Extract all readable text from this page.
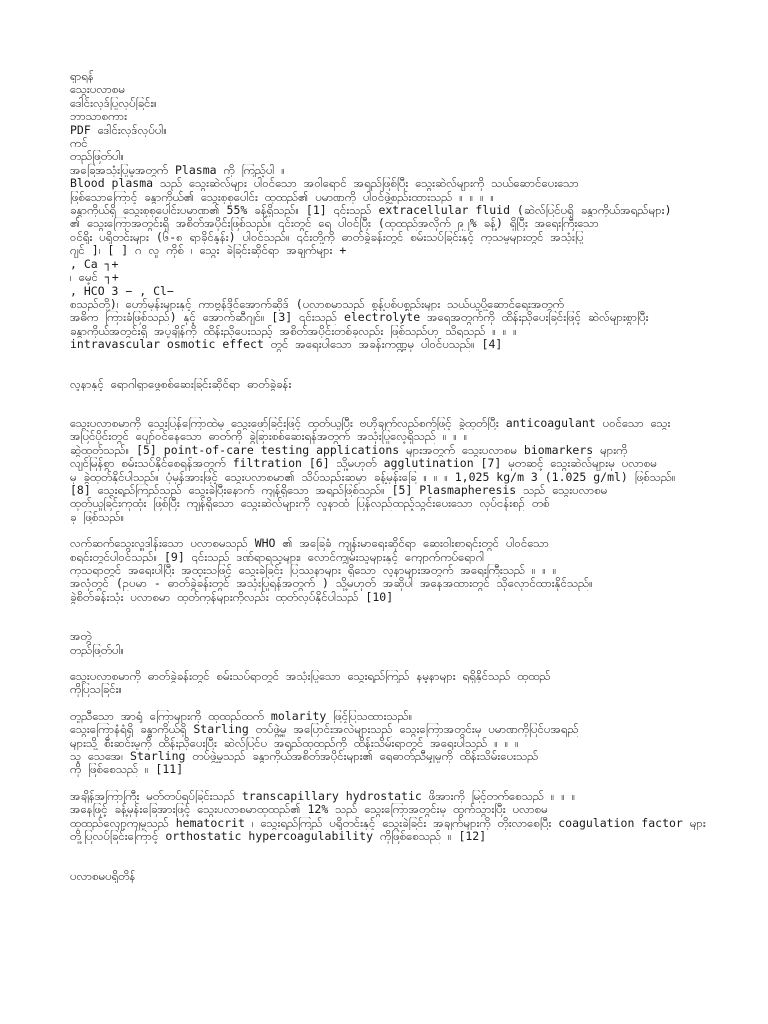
ရှာရန်
သွေးပလာစမ
ဒေါင်းလုဒ်ပြုလုပ်ခြင်း။
ဘာသာစကား
PDF ဒေါင်းလုဒ်လုပ်ပါ။
ကင်
တည်ဖြတ်ပါ။
အခြေအသုံးပြုမှုအတွက် Plasma ကို ကြည့်ပါ ။
Blood plasma သည် သွေးဆဲလ်များ ပါဝင်သော အဝါရောင် အရည်ဖြစ်ပြီး သွေးဆဲလ်များကို သယ်ဆောင်ပေးသော
ဖြစ်သောကြောင့် ခန္ဓာကိုယ်၏ သွေးစုစုပေါင်း ထုထည်၏ ပမာဏကို ပါဝင်ဖွဲ့စည်းထားသည် ။ ။ ။ ။
ခန္ဓာကိုယ်ရှိ သွေးစုစုပေါင်းပမာဏ၏ 55% ခန့်ရှိသည်။ [1] ၎င်းသည် extracellular fluid (ဆဲလ်ပြင်ပရှိ ခန္ဓာကိုယ်အရည်များ)
၏ သွေးကြောအတွင်းရှိ အစိတ်အပိုင်းဖြစ်သည်။ ၎င်းတွင် ရေ ပါဝင်ပြီး (ထုထည်အလိုက် ၉၂% ခန့်) ရှိပြီး အရေးကြီးသော
ဝင်ရိုး ပရိုတင်းများ (၆-၈ ရာခိုင်နှုန်း) ပါဝင်သည်။ ၎င်းတို့ကို ဓာတ်ခွဲခန်းတွင် စမ်းသပ်ခြင်းနှင့် ကုသမှုများတွင် အသုံးပြု
ဂျင် ]၊ [ ] ဂ လူ ကိုစ် ၊ သွေး ခဲခြင်းဆိုင်ရာ အချက်များ +
, Ca ┐+
၊ မေ့င် ┐+
, HCO 3 − , Cl−
စသည်တို့)၊ ဟော်မုန်းများနှင့် ကာဗွန်ဒိုင်အောက်ဆိုဒ် (ပလာစမာသည် စွန့်ပစ်ပစ္စည်းများ သယ်ယူပို့ဆောင်ရေးအတွက်
အဓိက ကြားခံဖြစ်သည်) နှင့် အောက်ဆီဂျင်။ [3] ၎င်းသည် electrolyte အရေအတွက်ကို ထိန်းညှိပေးခြင်းဖြင့် ဆဲလ်များစွာပြီး
ခန္ဓာကိုယ်အတွင်းရှိ အပူချိန်ကို ထိန်းညှိပေးသည့် အစိတ်အပိုင်းတစ်ခုလည်း ဖြစ်သည်ဟု သိရသည် ။ ။ ။
intravascular osmotic effect တွင် အရေးပါသော အခန်းကဏ္ဍမှ ပါဝင်ပသည်။ [4]
လူနာနှင့် ရောဂါရှာဖွေစစ်ဆေးခြင်းဆိုင်ရာ ဓာတ်ခွဲခန်း
သွေးပလာစမာကို သွေးပြန်ကြောထဲမှ သွေးဖော်ခြင်းဖြင့် ထုတ်ယူပြီး ဗဟိုချက်လည်စက်ဖြင့် ခွဲထုတ်ပြီး anticoagulant ပဝင်သော သွေး
အပြင်ပိုင်းတွင် ပျော်ဝင်နေသော ဓာတ်ကို ခွဲခြားစစ်ဆေးရန်အတွက် အသုံးပြုလေ့ရှိသည် ။ ။ ။
ဆွဲထုတ်သည်။ [5] point-of-care testing applications များအတွက် သွေးပလာစမ biomarkers များကို
လျင်မြန်စွာ စမ်းသပ်နိုင်စေရန်အတွက် filtration [6] သို့မဟုတ် agglutination [7] မှတဆင့် သွေးဆဲလ်များမှ ပလာစမ
မှ ခွဲထုတ်နိုင်ပါသည်။ ပုံမှန်အားဖြင့် သွေးပလာစမာ၏ သိပ်သည်းဆမှာ ခန့်မှန်းခြေ ။ ။ ။ 1,025 kg/m 3 (1.025 g/ml) ဖြစ်သည်။
[8] သွေးရည်ကြည်သည် သွေးခဲပြီးနောက် ကျန်ရှိသော အရည်ဖြစ်သည်။ [5] Plasmapheresis သည် သွေးပလာစမ
ထုတ်ယူခြင်းကုထုံး ဖြစ်ပြီး ကျန်ရှိသော သွေးဆဲလ်များကို လူနာထံ ပြန်လည်ထည့်သွင်းပေးသော လုပ်ငန်းစဉ် တစ်
ခု ဖြစ်သည်။
လက်ဆက်သွေးလှူဒါန်းသော ပလာစမသည် WHO ၏ အခြေခံ ကျန်းမာရေးဆိုင်ရာ ဆေးဝါးစာရင်းတွင် ပါဝင်သော
စရင်းတွင်ပါဝင်သည်။ [9] ၎င်းသည် ဒဏ်ရာရသူများ၊ လောင်ကျွမ်းသူများနှင့် ကျောက်ကပ်ရောဂါ
ကုသရာတွင် အရေးပါပြီး အထူးသဖြင့် သွေးခဲခြင်း ပြဿနာများ ရှိသော လူနာများအတွက် အရေးကြီးသည် ။ ။ ။
အလုံတွင် (ဥပမာ - ဓာတ်ခွဲခန်းတွင် အသုံးပြုရန်အတွက် ) သို့မဟုတ် အဆိုပါ အနေအထားတွင် သိုလှောင်ထားနိုင်သည်။
ခွဲစိတ်ခန်းသုံး ပလာစမာ ထုတ်ကုန်များကိုလည်း ထုတ်လုပ်နိုင်ပါသည် [10]
အတွဲ
တည်ဖြတ်ပါ။
သွေးပလာစမာကို ဓာတ်ခွဲခန်းတွင် စမ်းသပ်ရာတွင် အသုံးပြုသော သွေးရည်ကြည် နမူနာများ ရရှိနိုင်သည် ထုထည်
ကိုပြသခြင်း။
တူညီသော အာရုံ ကြောများကို ထုထည်ထက် molarity ဖြင့်ပြသထားသည်။
သွေးကြောနံရံရှိ ခန္ဓာကိုယ်ရှိ Starling တပ်ဖွဲ့မှု အပြောင်းအလဲများသည် သွေးကြောအတွင်းမှ ပမာဏကိုပြင်ပအရည်
များသို့ စီးဆင်းမှုကို ထိန်းညှိပေးပြီး ဆဲလ်ပြင်ပ အရည်ထုထည်ကို ထိန်းသိမ်းရာတွင် အရေးပါသည် ။ ။ ။
သူ သေအေ၊ Starling တပ်ဖွဲ့မှုသည် ခန္ဓာကိုယ်အစိတ်အပိုင်းများ၏ ရေဓာတ်ညီမျှမှုကို ထိန်းသိမ်းပေးသည်
ကို ဖြစ်စေသည် ။ [11]
အချိန်အကြာကြီး မတ်တပ်ရပ်ခြင်းသည် transcapillary hydrostatic ဖိအားကို မြင့်တက်စေသည် ။ ။ ။
အနေဖြင့် ခန့်မှန်းခြေအားဖြင့် သွေးပလာစမာထုထည်၏ 12% သည် သွေးကြောအတွင်းမှ ထွက်သွားပြီး ပလာစမ
ထုထည်လျော့ကျမှုသည် hematocrit ၊ သွေးရည်ကြည် ပရိုတင်းနှင့် သွေးခဲခြင်း အချက်များကို တိုးလာစေပြီး coagulation factor များ
တို့ပြလပ်ခြင်းကြောင့် orthostatic hypercoagulability ကိုဖြစ်စေသည် ။ [12]
ပလာစမပရိုတိန်
